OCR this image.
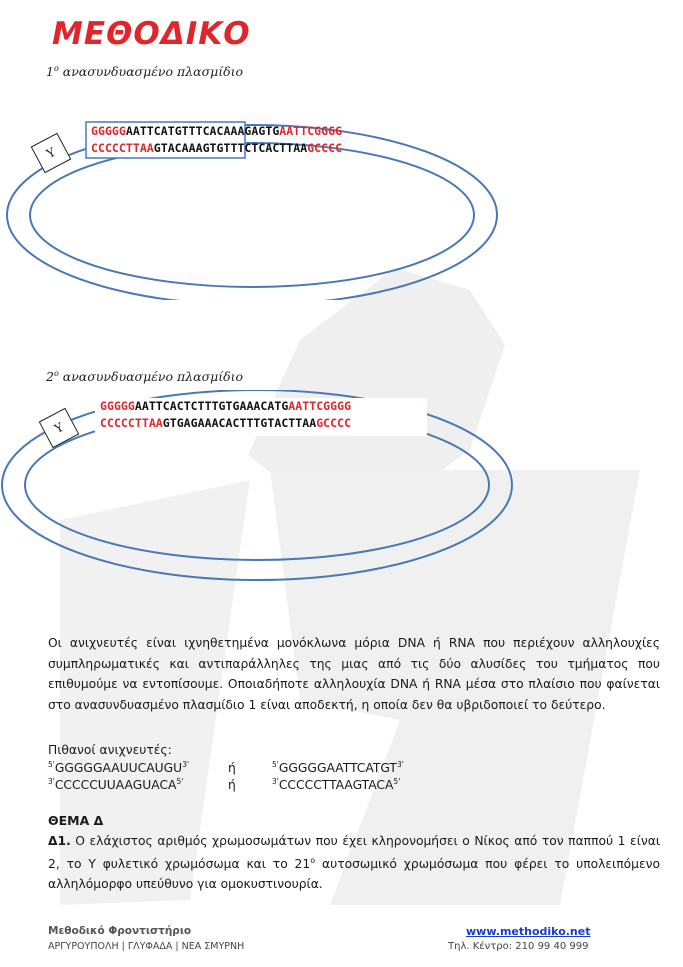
ΜΕΘΟΔΙΚΟ
$1^o$ ανασυνδυασμένο πλασμίδιο
GGGGGAATTCATGTTTCACAAAGAGTGAATTCGGGG
CCCCCTTAAGTACAAAGTGTTTCTCACTTAAGCCCC
Y
$2^o$ ανασυνδυασμένο πλασμίδιο
GGGGGAATTCACTCTTTGTGAAACATGAATTCGGGG
CCCCCTTAAGTGAGAAACACTTTGTACTTAAGCCCC
Y
Οι ανιχνευτές είναι ιχνηθετημένα μονόκλωνα μόρια DNA ή RNA που περιέχουν αλληλουχίες συμπληρωματικές και αντιπαράλληλες της μιας από τις δύο αλυσίδες του τμήματος που επιθυμούμε να εντοπίσουμε. Οποιαδήποτε αλληλουχία DNA ή RNA μέσα στο πλαίσιο που φαίνεται στο ανασυνδυασμένο πλασμίδιο 1 είναι αποδεκτή, η οποία δεν θα υβριδοποιεί το δεύτερο.
Πιθανοί ανιχνευτές:
$^{5'}GGGGGAAUUCAUGU^{3'}$	ή	$^{5'}GGGGGAATTCATGT^{3'}$
$^{3'}CCCCCUUAAGUACA^{5'}$	ή	$^{3'}CCCCCTTAAGTACA^{5'}$
ΘΕΜΑ Δ
Δ1. Ο ελάχιστος αριθμός χρωμοσωμάτων που έχει κληρονομήσει ο Νίκος από τον παππού 1 είναι 2, το Υ φυλετικό χρωμόσωμα και το $21^o$ αυτοσωμικό χρωμόσωμα που φέρει το υπολειπόμενο αλληλόμορφο υπεύθυνο για ομοκυστινουρία.
Μεθοδικό Φροντιστήριο
ΑΡΓΥΡΟΥΠΟΛΗ | ΓΛΥΦΑΔΑ | ΝΕΑ ΣΜΥΡΝΗ
www.methodiko.net
Τηλ. Κέντρο: 210 99 40 999
